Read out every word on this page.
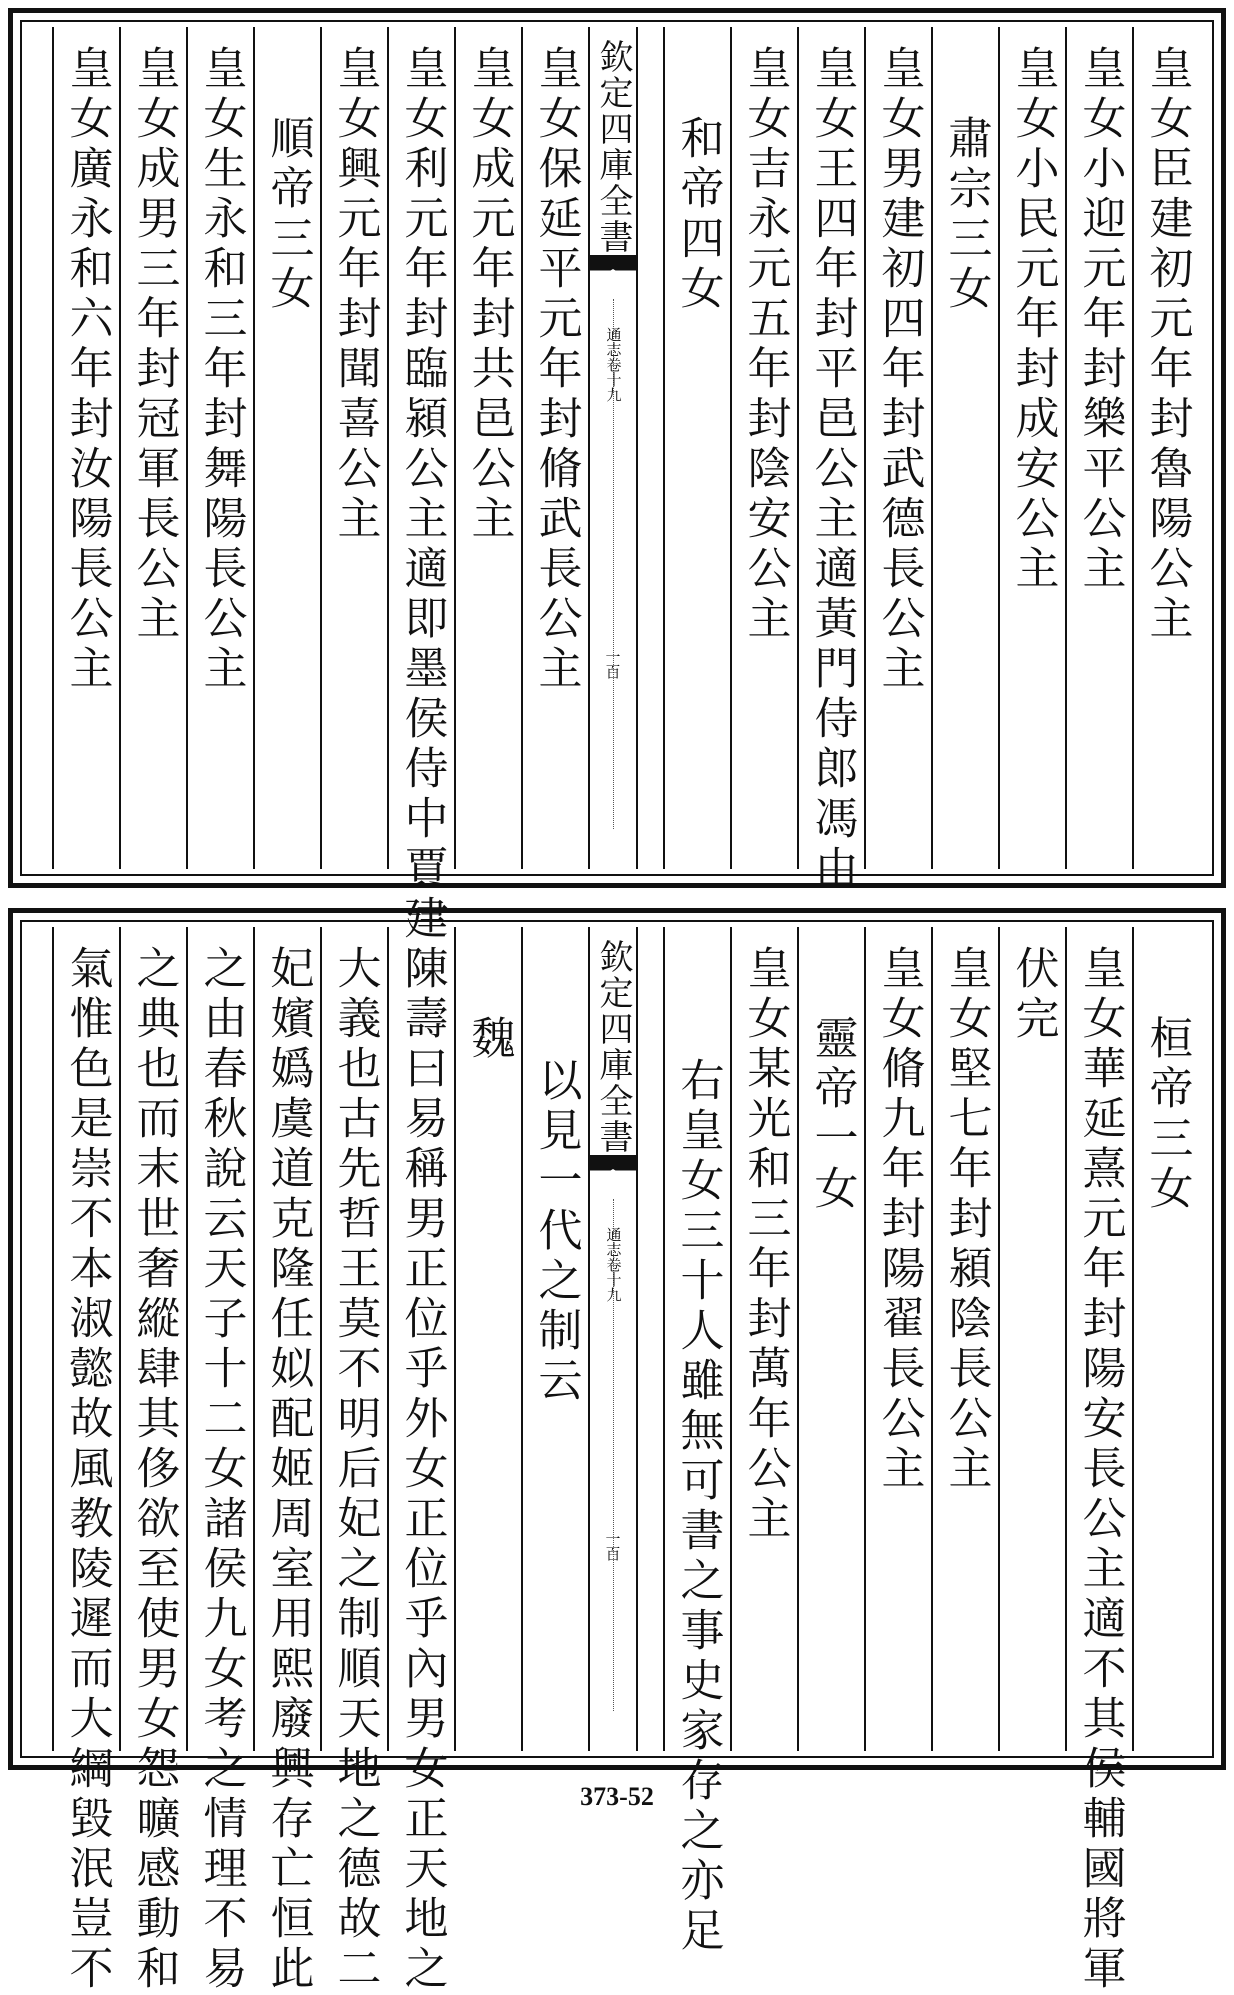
皇女臣建初元年封魯陽公主
皇女小迎元年封樂平公主
皇女小民元年封成安公主
肅宗三女
皇女男建初四年封武德長公主
皇女王四年封平邑公主適黃門侍郎馮由
皇女吉永元五年封陰安公主
和帝四女
欽定四庫全書
通志卷十九
一百
皇女保延平元年封脩武長公主
皇女成元年封共邑公主
皇女利元年封臨潁公主適即墨侯侍中賈建
皇女興元年封聞喜公主
順帝三女
皇女生永和三年封舞陽長公主
皇女成男三年封冠軍長公主
皇女廣永和六年封汝陽長公主
桓帝三女
皇女華延熹元年封陽安長公主適不其侯輔國將軍
伏完
皇女堅七年封潁陰長公主
皇女脩九年封陽翟長公主
靈帝一女
皇女某光和三年封萬年公主
右皇女三十人雖無可書之事史家存之亦足
欽定四庫全書
通志卷十九
一百
以見一代之制云
魏
陳壽曰易稱男正位乎外女正位乎內男女正天地之
大義也古先哲王莫不明后妃之制順天地之德故二
妃嬪嬀虞道克隆任姒配姬周室用熙廢興存亡恒此
之由春秋說云天子十二女諸侯九女考之情理不易
之典也而末世奢縱肆其侈欲至使男女怨曠感動和
氣惟色是崇不本淑懿故風教陵遲而大綱毀泯豈不	373-52
